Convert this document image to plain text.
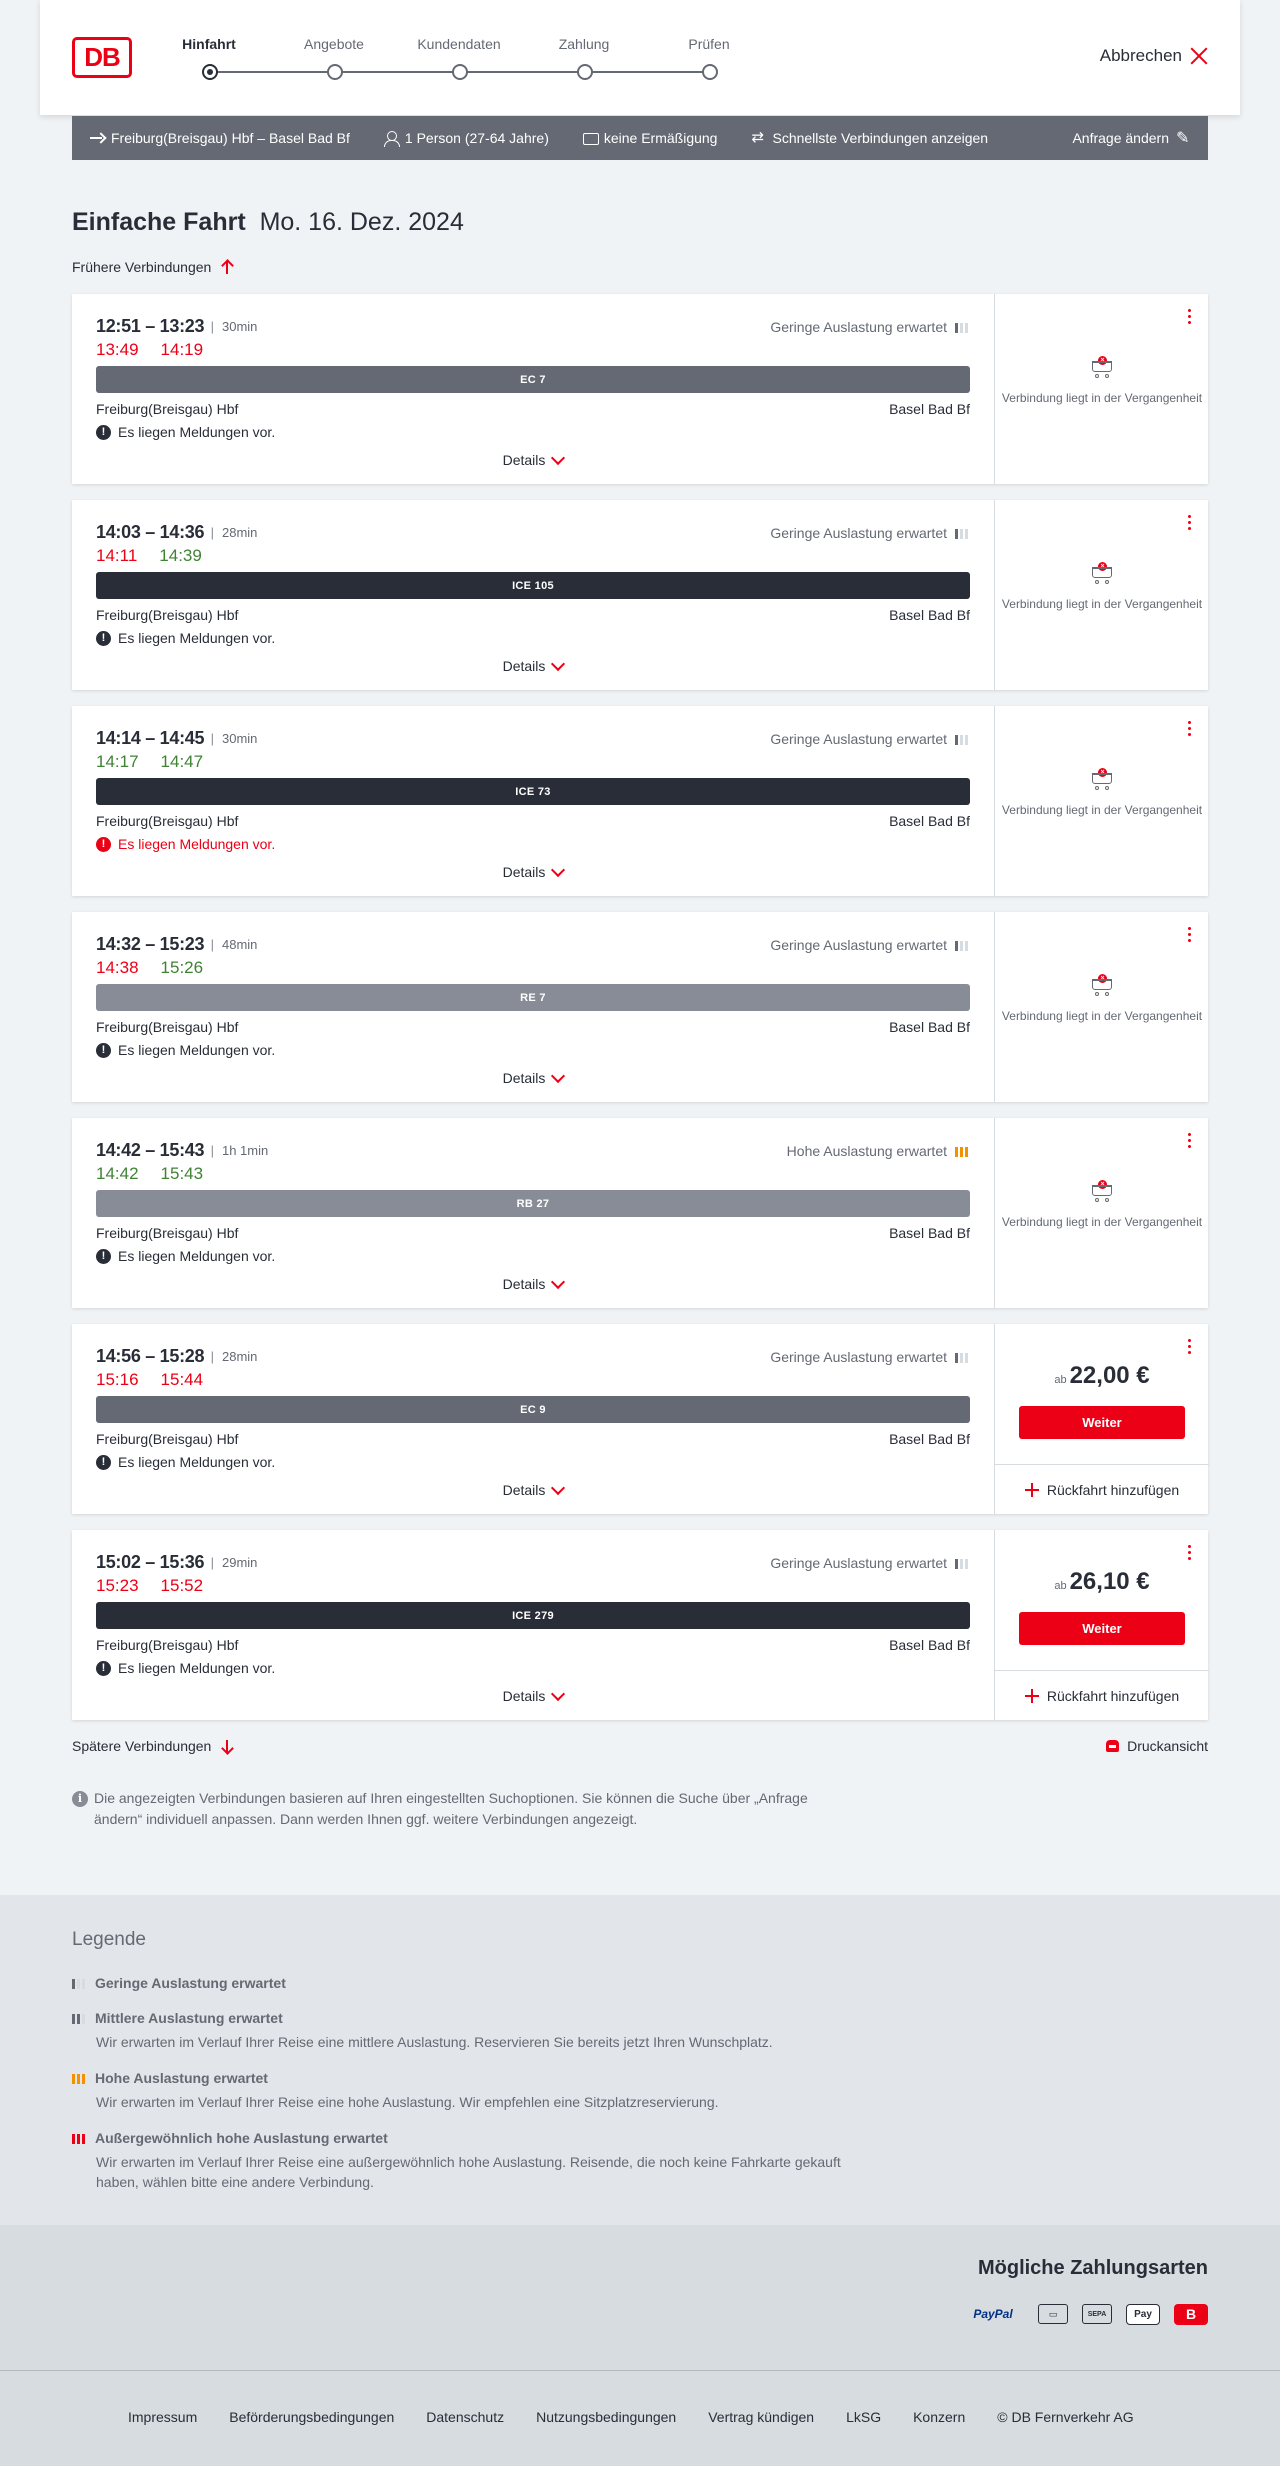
DB	Hinfahrt	Angebote	Kundendaten	Zahlung	Prüfen
Abbrechen
Freiburg(Breisgau) Hbf – Basel Bad Bf	1 Person (27-64 Jahre)	keine Ermäßigung
⇄	Schnellste Verbindungen anzeigen	Anfrage ändern
✎
Einfache Fahrt Mo. 16. Dez. 2024
Frühere Verbindungen
12:51 – 13:23 | 30min	Geringe Auslastung erwartet
13:49 14:19
EC 7
Freiburg(Breisgau) Hbf	Basel Bad Bf
! Es liegen Meldungen vor.
Details
×
Verbindung liegt in der Vergangenheit
14:03 – 14:36 | 28min	Geringe Auslastung erwartet
14:11 14:39
ICE 105
Freiburg(Breisgau) Hbf	Basel Bad Bf
! Es liegen Meldungen vor.
Details
×
Verbindung liegt in der Vergangenheit
14:14 – 14:45 | 30min	Geringe Auslastung erwartet
14:17 14:47
ICE 73
Freiburg(Breisgau) Hbf	Basel Bad Bf
! Es liegen Meldungen vor.
Details
×
Verbindung liegt in der Vergangenheit
14:32 – 15:23 | 48min	Geringe Auslastung erwartet
14:38 15:26
RE 7
Freiburg(Breisgau) Hbf	Basel Bad Bf
! Es liegen Meldungen vor.
Details
×
Verbindung liegt in der Vergangenheit
14:42 – 15:43 | 1h 1min	Hohe Auslastung erwartet
14:42 15:43
RB 27
Freiburg(Breisgau) Hbf	Basel Bad Bf
! Es liegen Meldungen vor.
Details
×
Verbindung liegt in der Vergangenheit
14:56 – 15:28 | 28min	Geringe Auslastung erwartet
15:16 15:44
EC 9
Freiburg(Breisgau) Hbf	Basel Bad Bf
! Es liegen Meldungen vor.
Details
ab 22,00 €
Weiter
Rückfahrt hinzufügen
15:02 – 15:36 | 29min	Geringe Auslastung erwartet
15:23 15:52
ICE 279
Freiburg(Breisgau) Hbf	Basel Bad Bf
! Es liegen Meldungen vor.
Details
ab 26,10 €
Weiter
Rückfahrt hinzufügen
Spätere Verbindungen	Druckansicht
i Die angezeigten Verbindungen basieren auf Ihren eingestellten Suchoptionen. Sie können die Suche über „Anfrage ändern“ individuell anpassen. Dann werden Ihnen ggf. weitere Verbindungen angezeigt.
Legende
Geringe Auslastung erwartet
Mittlere Auslastung erwartet
Wir erwarten im Verlauf Ihrer Reise eine mittlere Auslastung. Reservieren Sie bereits jetzt Ihren Wunschplatz.
Hohe Auslastung erwartet
Wir erwarten im Verlauf Ihrer Reise eine hohe Auslastung. Wir empfehlen eine Sitzplatzreservierung.
Außergewöhnlich hohe Auslastung erwartet
Wir erwarten im Verlauf Ihrer Reise eine außergewöhnlich hohe Auslastung. Reisende, die noch keine Fahrkarte gekauft haben, wählen bitte eine andere Verbindung.
Mögliche Zahlungsarten
PayPal	▭	SEPA	Pay	B
Impressum Beförderungsbedingungen Datenschutz Nutzungsbedingungen Vertrag kündigen LkSG Konzern © DB Fernverkehr AG
